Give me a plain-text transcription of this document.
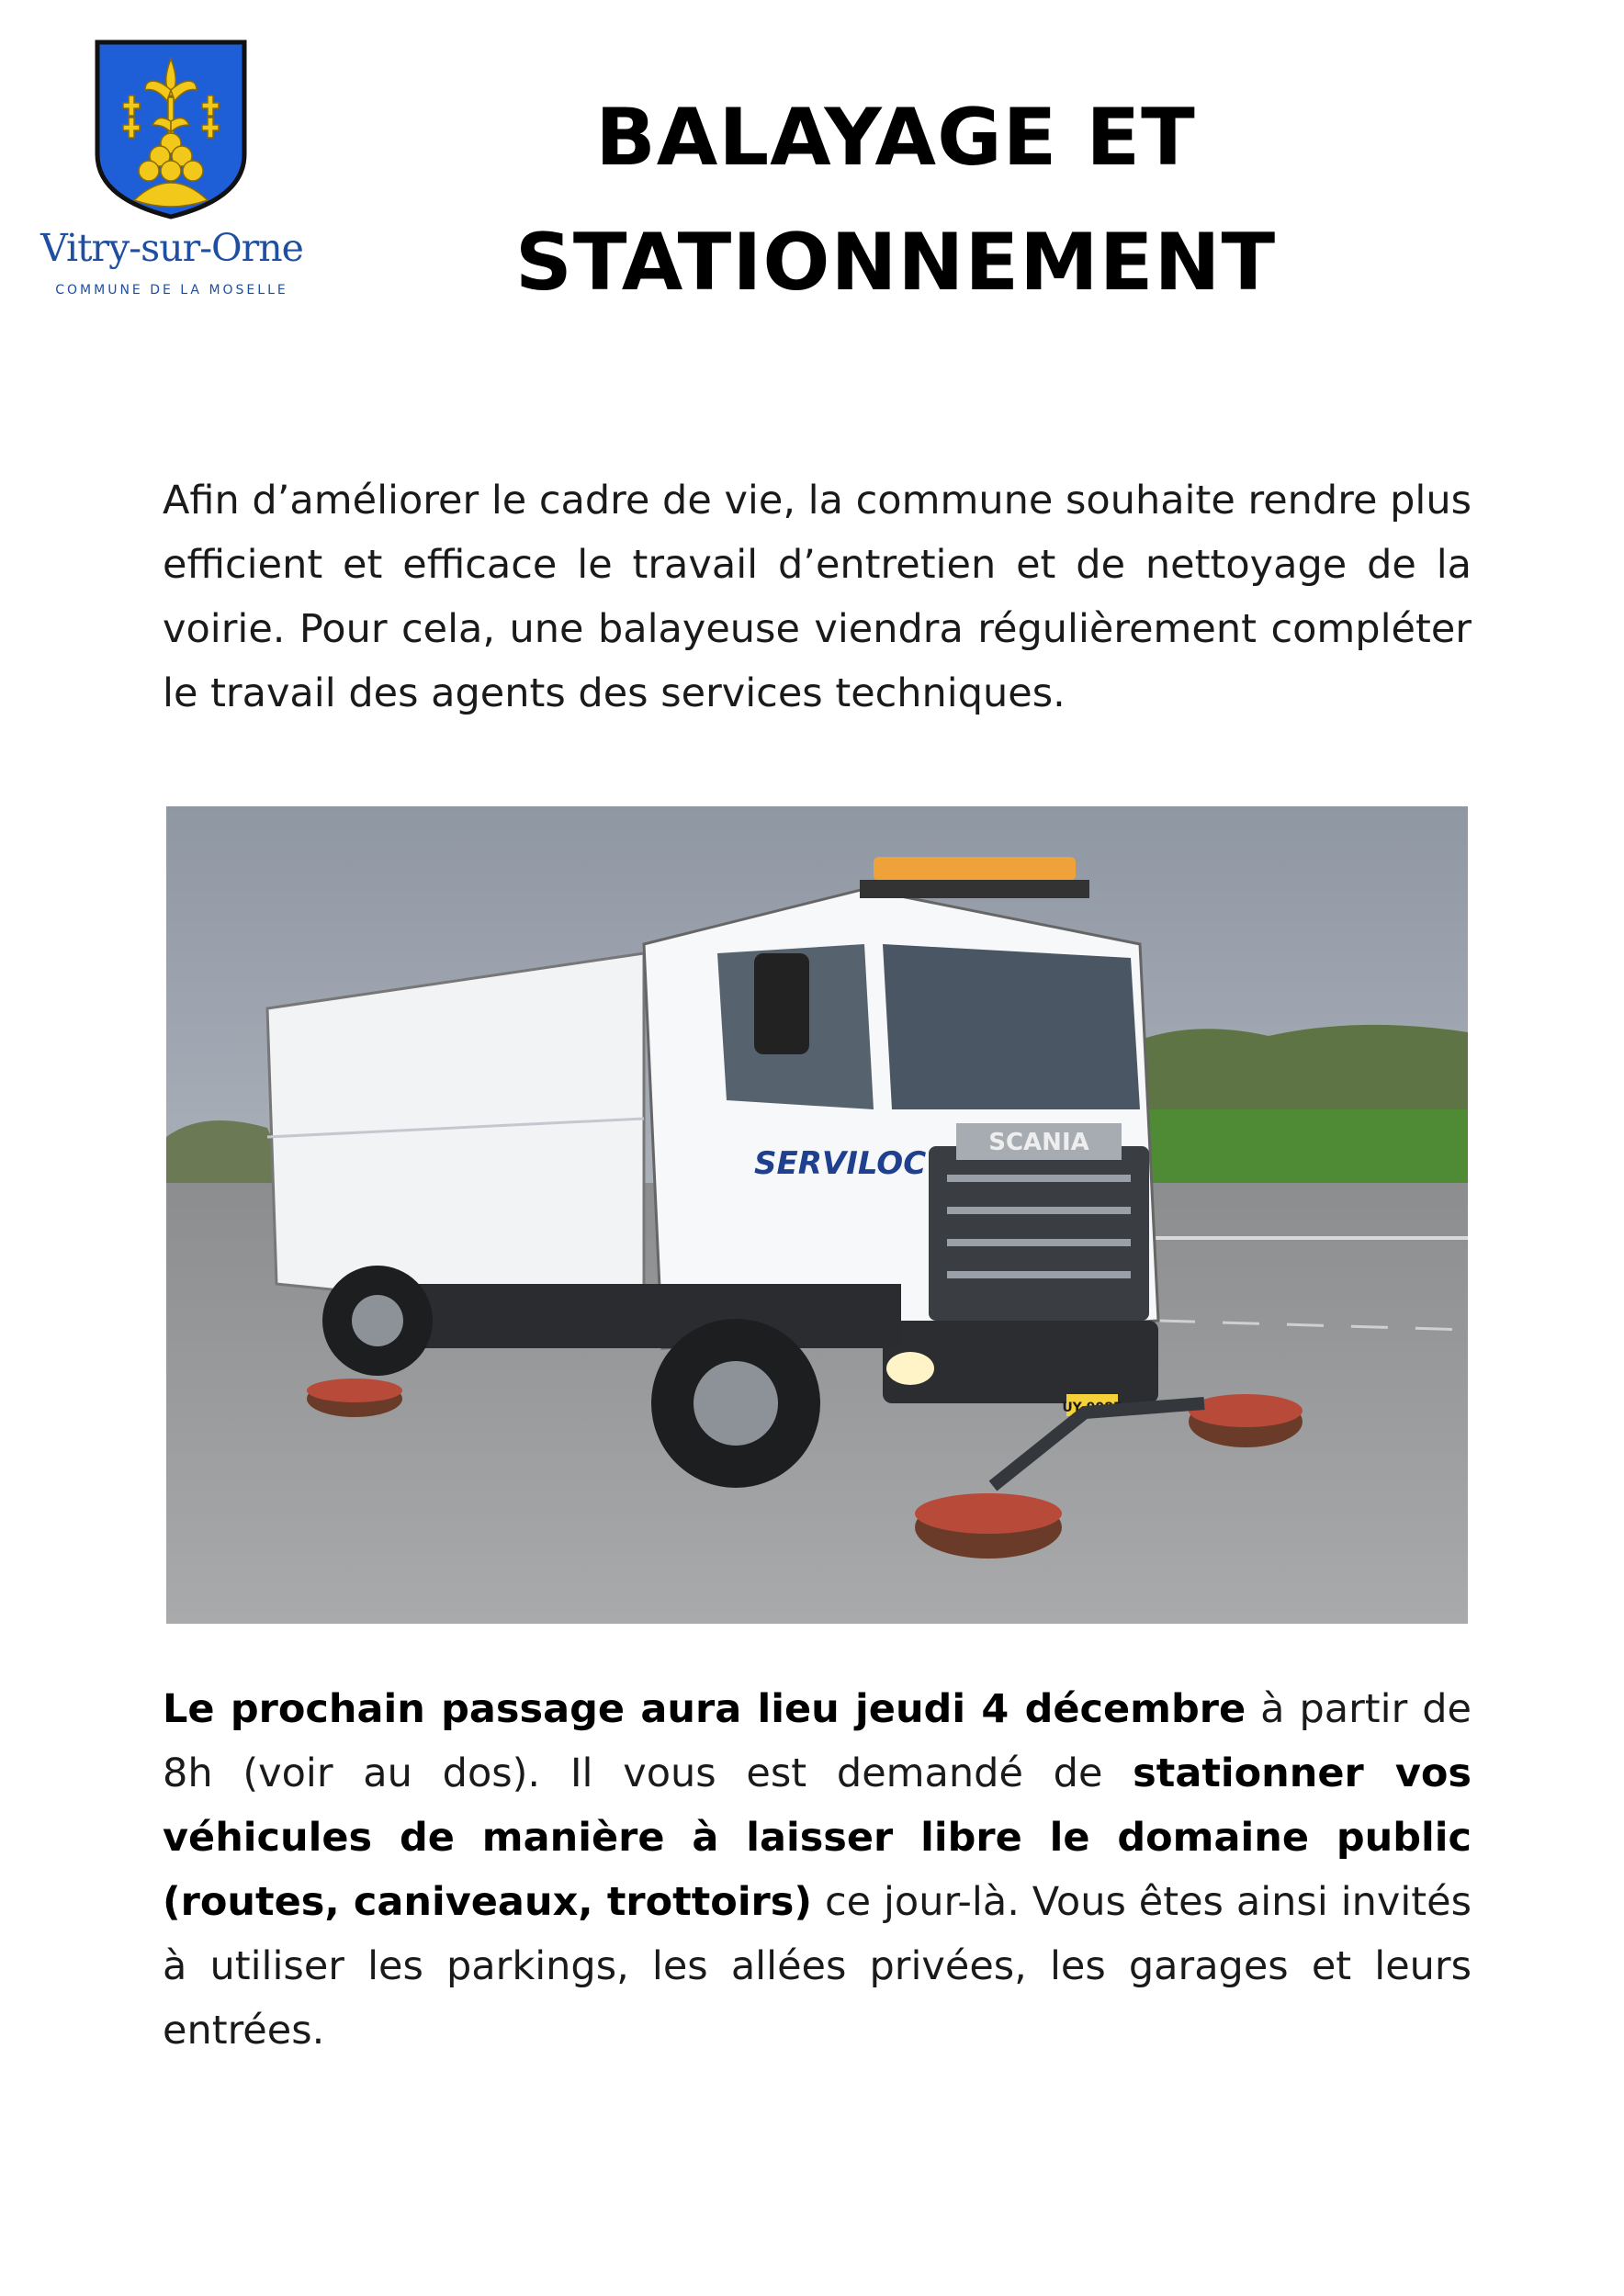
Vitry-sur-Orne
COMMUNE DE LA MOSELLE
BALAYAGE ET
STATIONNEMENT
Afin d’améliorer le cadre de vie, la commune souhaite rendre plus efficient et efficace le travail d’entretien et de nettoyage de la voirie. Pour cela, une balayeuse viendra régulièrement compléter le travail des agents des services techniques.
SCANIA
UY 9085
SERVILOC
Le prochain passage aura lieu jeudi 4 décembre à partir de 8h (voir au dos). Il vous est demandé de stationner vos véhicules de manière à laisser libre le domaine public (routes, caniveaux, trottoirs) ce jour-là. Vous êtes ainsi invités à utiliser les parkings, les allées privées, les garages et leurs entrées.
